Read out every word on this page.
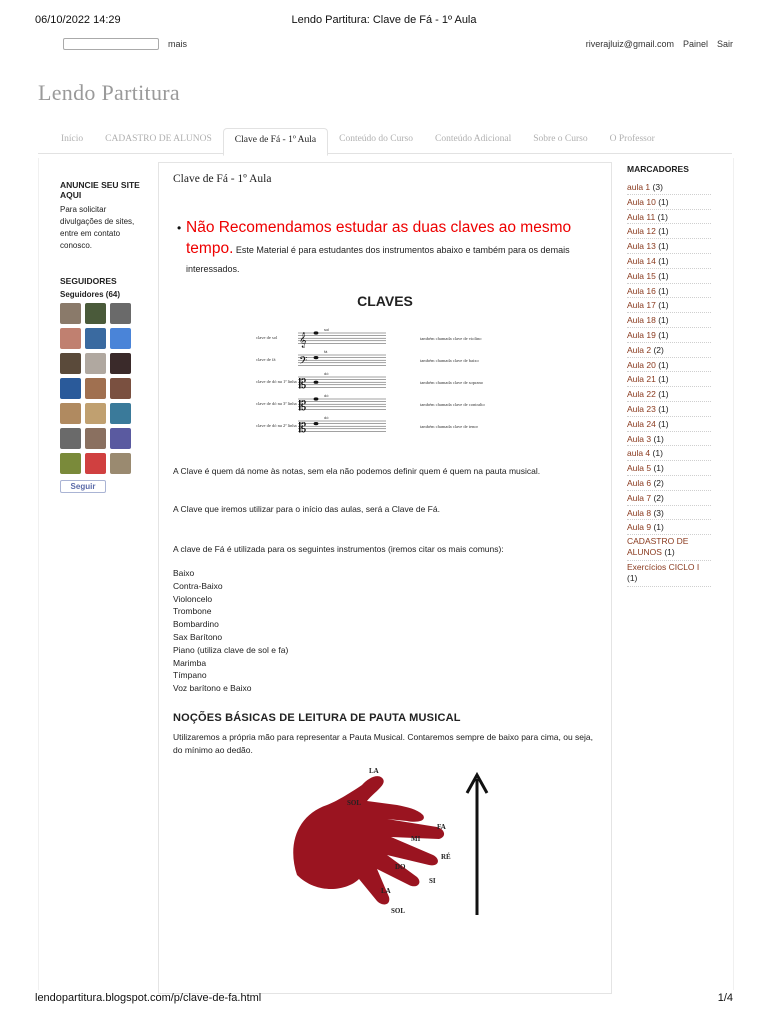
06/10/2022 14:29	Lendo Partitura: Clave de Fá - 1º Aula
mais	riverajluiz@gmail.com Painel Sair
Lendo Partitura
Início	CADASTRO DE ALUNOS	Clave de Fá - 1º Aula	Conteúdo do Curso	Conteúdo Adicional	Sobre o Curso	O Professor
ANUNCIE SEU SITE AQUI
Para solicitar divulgações de sites, entre em contato conosco.
SEGUIDORES
Seguidores (64)
Seguir
Clave de Fá - 1º Aula
• Não Recomendamos estudar as duas claves ao mesmo tempo. Este Material é para estudantes dos instrumentos abaixo e também para os demais interessados.
CLAVES
clave de sol 𝄞
sol
também chamada clave de violino
clave de fá 𝄢
fá
também chamada clave de baixo
clave de dó na 1ª linha 𝄡
dó
também chamada clave de soprano
clave de dó na 3ª linha 𝄡
dó
também chamada clave de contralto
clave de dó na 2ª linha 𝄡
dó
também chamada clave de tenor
A Clave é quem dá nome às notas, sem ela não podemos definir quem é quem na pauta musical.
A Clave que iremos utilizar para o início das aulas, será a Clave de Fá.
A clave de Fá é utilizada para os seguintes instrumentos (iremos citar os mais comuns):
Baixo
Contra-Baixo
Violoncelo
Trombone
Bombardino
Sax Barítono
Piano (utiliza clave de sol e fa)
Marimba
Tímpano
Voz barítono e Baixo
NOÇÕES BÁSICAS DE LEITURA DE PAUTA MUSICAL
Utilizaremos a própria mão para representar a Pauta Musical. Contaremos sempre de baixo para cima, ou seja, do mínimo ao dedão.
LA
SOL
FA
MI
RÉ
DO
SI
LA
SOL
MARCADORES
aula 1 (3)
Aula 10 (1)
Aula 11 (1)
Aula 12 (1)
Aula 13 (1)
Aula 14 (1)
Aula 15 (1)
Aula 16 (1)
Aula 17 (1)
Aula 18 (1)
Aula 19 (1)
Aula 2 (2)
Aula 20 (1)
Aula 21 (1)
Aula 22 (1)
Aula 23 (1)
Aula 24 (1)
Aula 3 (1)
aula 4 (1)
Aula 5 (1)
Aula 6 (2)
Aula 7 (2)
Aula 8 (3)
Aula 9 (1)
CADASTRO DE ALUNOS (1)
Exercícios CICLO I (1)
lendopartitura.blogspot.com/p/clave-de-fa.html	1/4
